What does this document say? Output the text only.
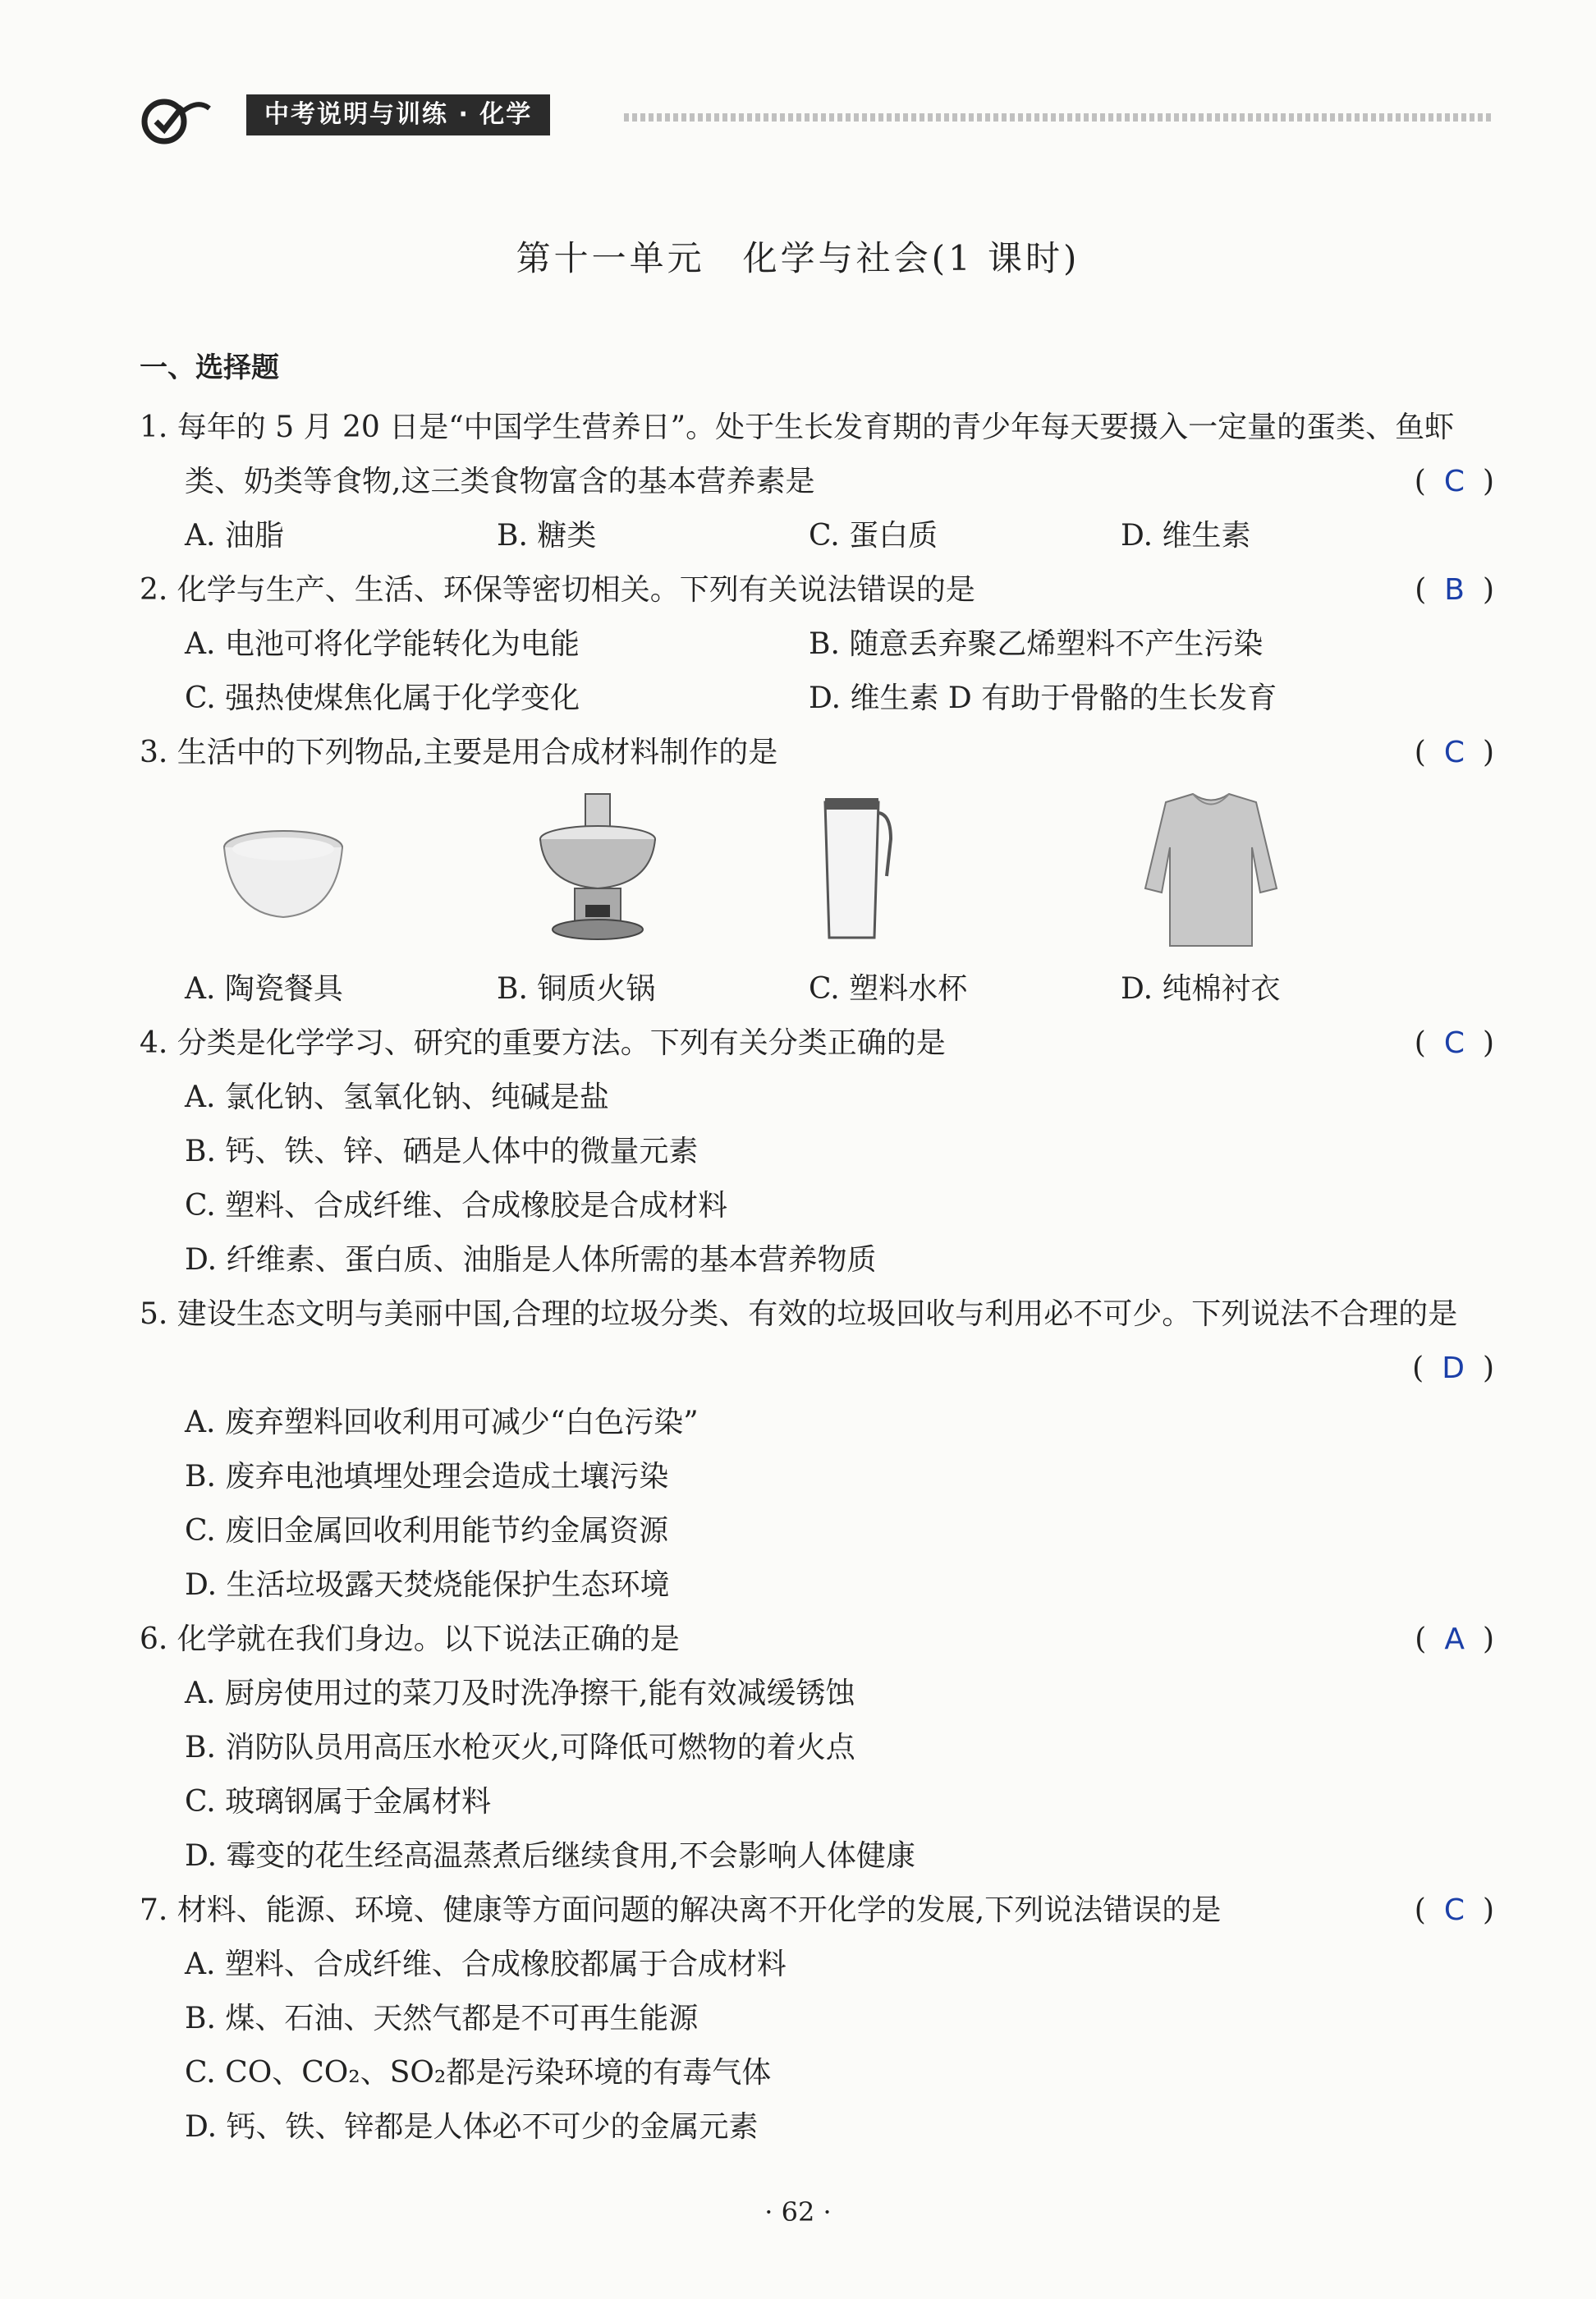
中考说明与训练 · 化学
第十一单元　化学与社会(1 课时)
一、选择题
1. 每年的 5 月 20 日是“中国学生营养日”。处于生长发育期的青少年每天要摄入一定量的蛋类、鱼虾类、奶类等食物,这三类食物富含的基本营养素是	( C )
A. 油脂	B. 糖类	C. 蛋白质	D. 维生素
2. 化学与生产、生活、环保等密切相关。下列有关说法错误的是	( B )
A. 电池可将化学能转化为电能	B. 随意丢弃聚乙烯塑料不产生污染
C. 强热使煤焦化属于化学变化	D. 维生素 D 有助于骨骼的生长发育
3. 生活中的下列物品,主要是用合成材料制作的是	( C )
A. 陶瓷餐具	B. 铜质火锅	C. 塑料水杯	D. 纯棉衬衣
4. 分类是化学学习、研究的重要方法。下列有关分类正确的是	( C )
A. 氯化钠、氢氧化钠、纯碱是盐
B. 钙、铁、锌、硒是人体中的微量元素
C. 塑料、合成纤维、合成橡胶是合成材料
D. 纤维素、蛋白质、油脂是人体所需的基本营养物质
5. 建设生态文明与美丽中国,合理的垃圾分类、有效的垃圾回收与利用必不可少。下列说法不合理的是
( D )
A. 废弃塑料回收利用可减少“白色污染”
B. 废弃电池填埋处理会造成土壤污染
C. 废旧金属回收利用能节约金属资源
D. 生活垃圾露天焚烧能保护生态环境
6. 化学就在我们身边。以下说法正确的是	( A )
A. 厨房使用过的菜刀及时洗净擦干,能有效减缓锈蚀
B. 消防队员用高压水枪灭火,可降低可燃物的着火点
C. 玻璃钢属于金属材料
D. 霉变的花生经高温蒸煮后继续食用,不会影响人体健康
7. 材料、能源、环境、健康等方面问题的解决离不开化学的发展,下列说法错误的是	( C )
A. 塑料、合成纤维、合成橡胶都属于合成材料
B. 煤、石油、天然气都是不可再生能源
C. CO、CO₂、SO₂都是污染环境的有毒气体
D. 钙、铁、锌都是人体必不可少的金属元素
· 62 ·
